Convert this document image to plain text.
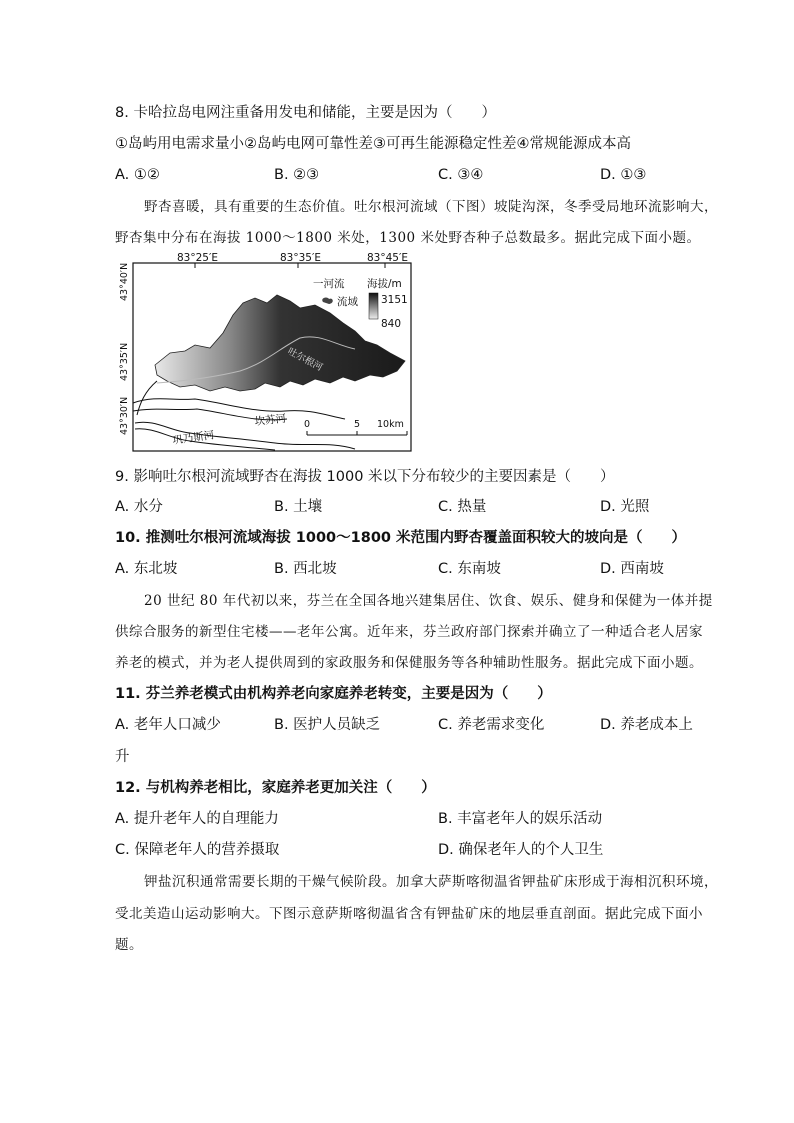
8. 卡哈拉岛电网注重备用发电和储能，主要是因为（　　）
①岛屿用电需求量小②岛屿电网可靠性差③可再生能源稳定性差④常规能源成本高
A. ①②	B. ②③	C. ③④	D. ①③
野杏喜暖，具有重要的生态价值。吐尔根河流域（下图）坡陡沟深，冬季受局地环流影响大，
野杏集中分布在海拔 1000～1800 米处，1300 米处野杏种子总数最多。据此完成下面小题。
83°25′E	83°35′E	83°45′E
43°40′N
43°35′N
43°30′N
吐尔根河
坎苏河
巩乃斯河
0	5 10km
一河流
流域
海拔/m
3151
840
9. 影响吐尔根河流域野杏在海拔 1000 米以下分布较少的主要因素是（　　）
A. 水分	B. 土壤	C. 热量	D. 光照
10. 推测吐尔根河流域海拔 1000～1800 米范围内野杏覆盖面积较大的坡向是（　　）
A. 东北坡	B. 西北坡	C. 东南坡	D. 西南坡
20 世纪 80 年代初以来，芬兰在全国各地兴建集居住、饮食、娱乐、健身和保健为一体并提
供综合服务的新型住宅楼——老年公寓。近年来，芬兰政府部门探索并确立了一种适合老人居家
养老的模式，并为老人提供周到的家政服务和保健服务等各种辅助性服务。据此完成下面小题。
11. 芬兰养老模式由机构养老向家庭养老转变，主要是因为（　　）
A. 老年人口减少	B. 医护人员缺乏	C. 养老需求变化	D. 养老成本上
升
12. 与机构养老相比，家庭养老更加关注（　　）
A. 提升老年人的自理能力	B. 丰富老年人的娱乐活动
C. 保障老年人的营养摄取	D. 确保老年人的个人卫生
钾盐沉积通常需要长期的干燥气候阶段。加拿大萨斯喀彻温省钾盐矿床形成于海相沉积环境，
受北美造山运动影响大。下图示意萨斯喀彻温省含有钾盐矿床的地层垂直剖面。据此完成下面小
题。
